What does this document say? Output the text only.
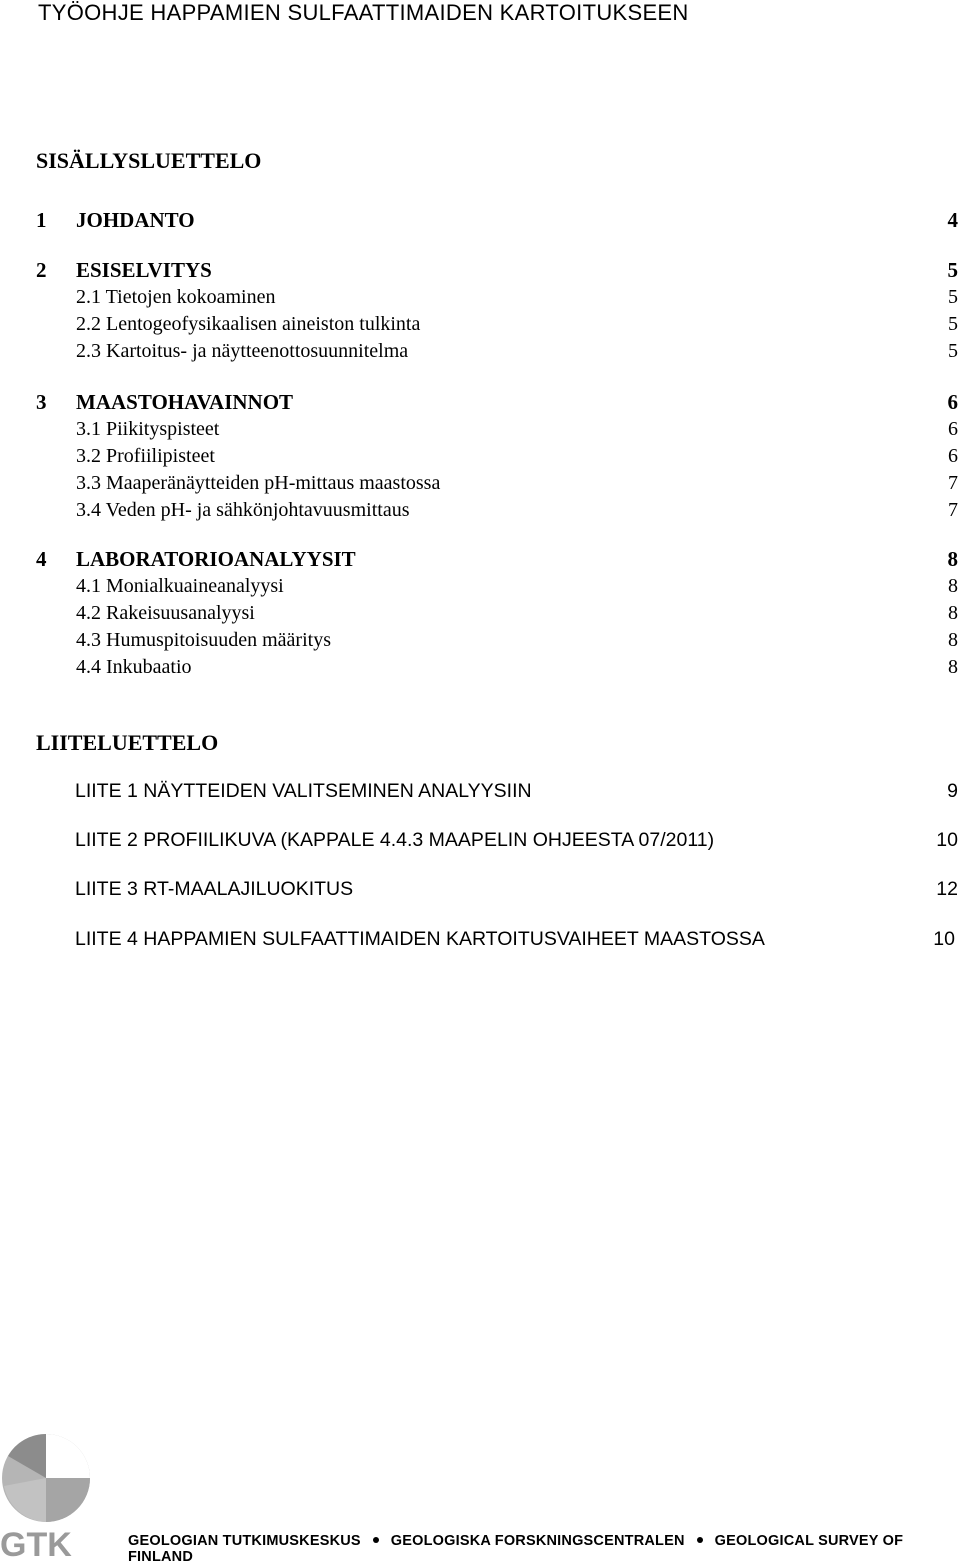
TYÖOHJE HAPPAMIEN SULFAATTIMAIDEN KARTOITUKSEEN
SISÄLLYSLUETTELO
1 JOHDANTO	4
2 ESISELVITYS	5
2.1 Tietojen kokoaminen	5
2.2 Lentogeofysikaalisen aineiston tulkinta	5
2.3 Kartoitus- ja näytteenottosuunnitelma	5
3 MAASTOHAVAINNOT	6
3.1 Piikityspisteet	6
3.2 Profiilipisteet	6
3.3 Maaperänäytteiden pH-mittaus maastossa	7
3.4 Veden pH- ja sähkönjohtavuusmittaus	7
4 LABORATORIOANALYYSIT	8
4.1 Monialkuaineanalyysi	8
4.2 Rakeisuusanalyysi	8
4.3 Humuspitoisuuden määritys	8
4.4 Inkubaatio	8
LIITELUETTELO
LIITE 1 NÄYTTEIDEN VALITSEMINEN ANALYYSIIN	9
LIITE 2 PROFIILIKUVA (KAPPALE 4.4.3 MAAPELIN OHJEESTA 07/2011)	10
LIITE 3 RT-MAALAJILUOKITUS	12
LIITE 4 HAPPAMIEN SULFAATTIMAIDEN KARTOITUSVAIHEET MAASTOSSA	10
GTK	GEOLOGIAN TUTKIMUSKESKUS GEOLOGISKA FORSKNINGSCENTRALEN GEOLOGICAL SURVEY OF FINLAND
